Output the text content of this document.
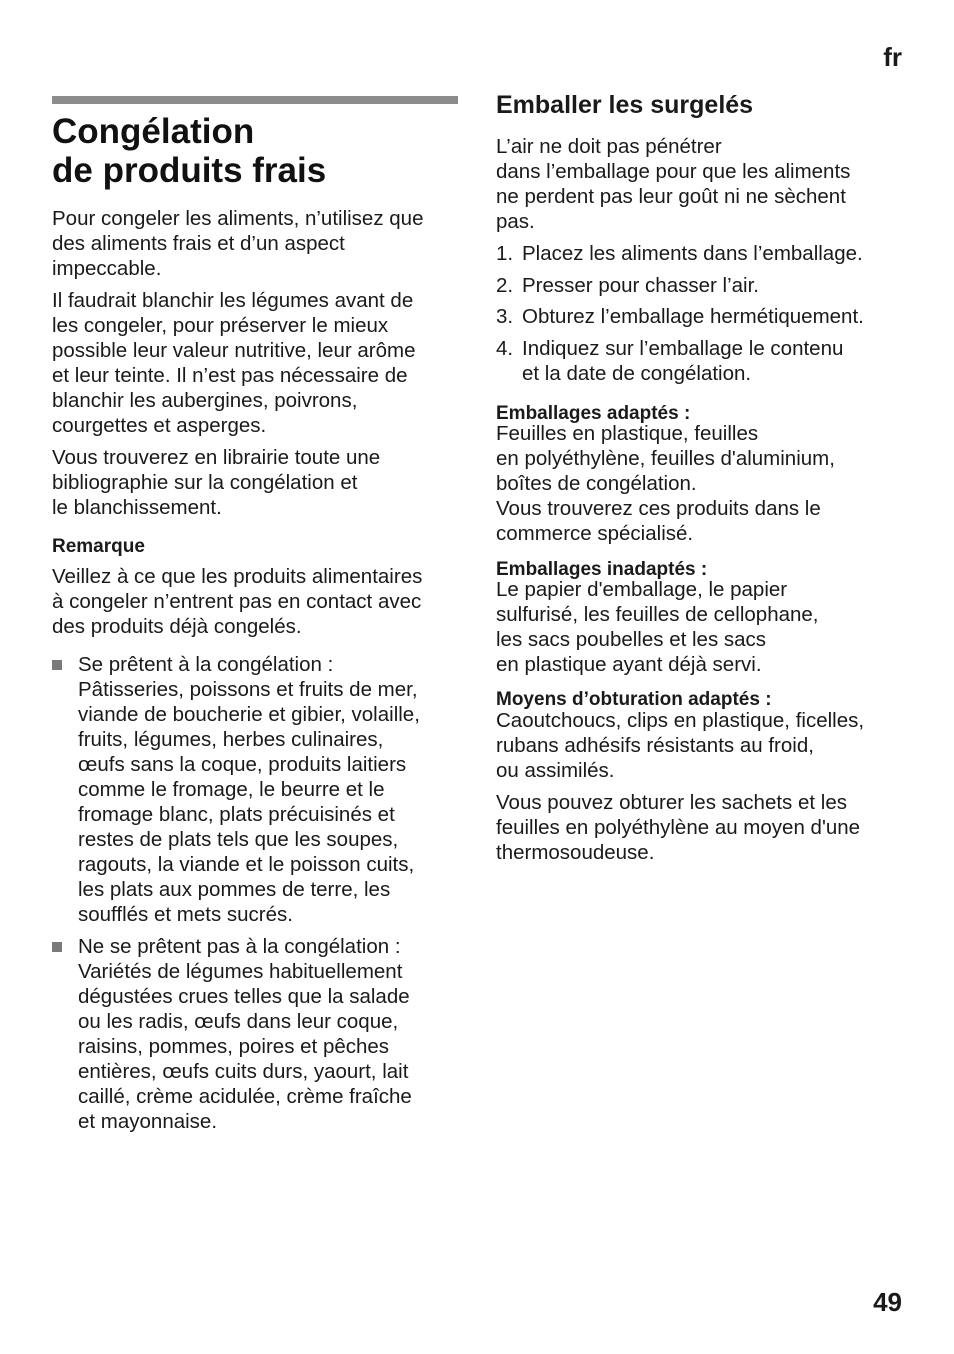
fr
Congélation
de produits frais

Pour congeler les aliments, n’utilisez que
des aliments frais et d’un aspect
impeccable.

Il faudrait blanchir les légumes avant de
les congeler, pour préserver le mieux
possible leur valeur nutritive, leur arôme
et leur teinte. Il n’est pas nécessaire de
blanchir les aubergines, poivrons,
courgettes et asperges.

Vous trouverez en librairie toute une
bibliographie sur la congélation et
le blanchissement.

Remarque

Veillez à ce que les produits alimentaires
à congeler n’entrent pas en contact avec
des produits déjà congelés.

Se prêtent à la congélation :
Pâtisseries, poissons et fruits de mer,
viande de boucherie et gibier, volaille,
fruits, légumes, herbes culinaires,
œufs sans la coque, produits laitiers
comme le fromage, le beurre et le
fromage blanc, plats précuisinés et
restes de plats tels que les soupes,
ragouts, la viande et le poisson cuits,
les plats aux pommes de terre, les
soufflés et mets sucrés.
Ne se prêtent pas à la congélation :
Variétés de légumes habituellement
dégustées crues telles que la salade
ou les radis, œufs dans leur coque,
raisins, pommes, poires et pêches
entières, œufs cuits durs, yaourt, lait
caillé, crème acidulée, crème fraîche
et mayonnaise.
Emballer les surgelés

L’air ne doit pas pénétrer
dans l’emballage pour que les aliments
ne perdent pas leur goût ni ne sèchent
pas.

1. Placez les aliments dans l’emballage.
2. Presser pour chasser l’air.
3. Obturez l’emballage hermétiquement.
4. Indiquez sur l’emballage le contenu
et la date de congélation.

Emballages adaptés :

Feuilles en plastique, feuilles
en polyéthylène, feuilles d'aluminium,
boîtes de congélation.
Vous trouverez ces produits dans le
commerce spécialisé.

Emballages inadaptés :

Le papier d'emballage, le papier
sulfurisé, les feuilles de cellophane,
les sacs poubelles et les sacs
en plastique ayant déjà servi.

Moyens d’obturation adaptés :

Caoutchoucs, clips en plastique, ficelles,
rubans adhésifs résistants au froid,
ou assimilés.

Vous pouvez obturer les sachets et les
feuilles en polyéthylène au moyen d'une
thermosoudeuse.

49
